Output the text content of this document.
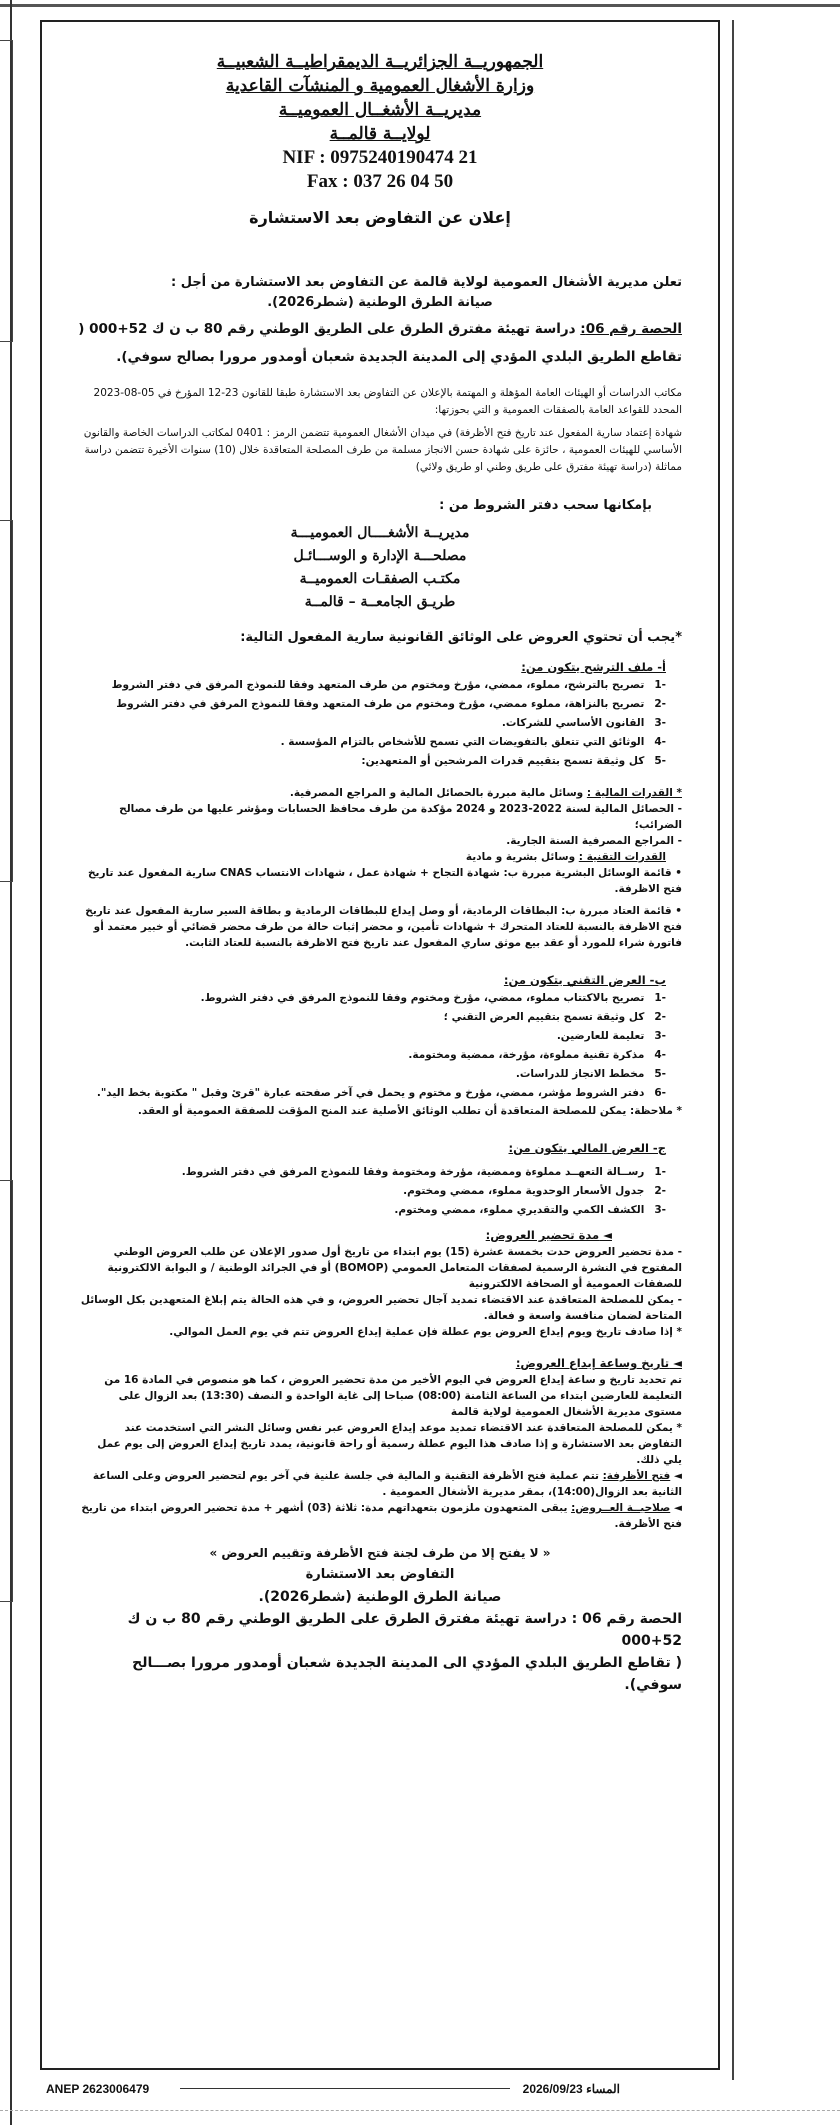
الجمهوريــة الجزائريــة الديمقراطيــة الشعبيــة
وزارة الأشغال العمومية و المنشآت القاعدية
مديريــة الأشغــال العموميــة
لولايــة قالمــة
NIF : 0975240190474 21
Fax : 037 26 04 50
إعلان عن التفاوض بعد الاستشارة

تعلن مديرية الأشغال العمومية لولاية قالمة عن التفاوض بعد الاستشارة من أجل :

صيانة الطرق الوطنية (شطر2026).

الحصة رقم 06: دراسة تهيئة مفترق الطرق على الطريق الوطني رقم 80 ب ن ك 52+000 ( تقاطع الطريق البلدي المؤدي إلى المدينة الجديدة شعبان أومدور مرورا بصالح سوفي).

مكاتب الدراسات أو الهيئات العامة المؤهلة و المهتمة بالإعلان عن التفاوض بعد الاستشارة طبقا للقانون 23-12 المؤرخ في 05-08-2023 المحدد للقواعد العامة بالصفقات العمومية و التي بحوزتها:

شهادة إعتماد سارية المفعول عند تاريخ فتح الأظرفة) في ميدان الأشغال العمومية تتضمن الرمز : 0401 لمكاتب الدراسات الخاصة والقانون الأساسي للهيئات العمومية ، حائزة على شهادة حسن الانجاز مسلمة من طرف المصلحة المتعاقدة خلال (10) سنوات الأخيرة تتضمن دراسة مماثلة (دراسة تهيئة مفترق على طريق وطني او طريق ولائي)

بإمكانها سحب دفتر الشروط من :

مديريــة الأشغــــال العموميـــة
مصلحـــة الإدارة و الوســـائـل
مكتـب الصفقـات العموميــة
طريـق الجامعــة – قالمــة

*يجب أن تحتوي العروض على الوثائق القانونية سارية المفعول التالية:

أ- ملف الترشح يتكون من:

-1 تصريح بالترشح، مملوء، ممضي، مؤرخ ومختوم من طرف المتعهد وفقا للنموذج المرفق في دفتر الشروط
-2 تصريح بالنزاهة، مملوء ممضي، مؤرخ ومختوم من طرف المتعهد وفقا للنموذج المرفق في دفتر الشروط
-3 القانون الأساسي للشركات.
-4 الوثائق التي تتعلق بالتفويضات التي تسمح للأشخاص بالتزام المؤسسة .
-5 كل وثيقة تسمح بتقييم قدرات المرشحين أو المتعهدين:

* القدرات المالية : وسائل مالية مبررة بالحصائل المالية و المراجع المصرفية.

- الحصائل المالية لسنة 2022-2023 و 2024 مؤكدة من طرف محافظ الحسابات ومؤشر عليها من طرف مصالح الضرائب؛

- المراجع المصرفية السنة الجارية.

القدرات التقنية : وسائل بشرية و مادية

• قائمة الوسائل البشرية مبررة ب: شهادة التجاح + شهادة عمل ، شهادات الانتساب CNAS سارية المفعول عند تاريخ فتح الاظرفة.

• قائمة العتاد مبررة ب: البطاقات الرمادية، أو وصل إيداع للبطاقات الرمادية و بطاقة السير سارية المفعول عند تاريخ فتح الاظرفة بالنسبة للعتاد المتحرك + شهادات تأمين، و محضر إثبات حالة من طرف محضر قضائي أو خبير معتمد أو فاتورة شراء للمورد أو عقد بيع موثق ساري المفعول عند تاريخ فتح الاظرفة بالنسبة للعتاد الثابت.

ب- العرض التقني يتكون من:

-1 تصريح بالاكتتاب مملوء، ممضي، مؤرخ ومختوم وفقا للنموذج المرفق في دفتر الشروط.
-2 كل وثيقة تسمح بتقييم العرض التقني ؛
-3 تعليمة للعارضين.
-4 مذكرة تقنية مملوءة، مؤرخة، ممضية ومختومة.
-5 مخطط الانجاز للدراسات.
-6 دفتر الشروط مؤشر، ممضي، مؤرخ و مختوم و يحمل في آخر صفحته عبارة "قرئ وقبل " مكتوبة بخط اليد".

* ملاحظة: يمكن للمصلحة المتعاقدة أن تطلب الوثائق الأصلية عند المنح المؤقت للصفقة العمومية أو العقد.

ج- العرض المالي يتكون من:

-1 رســالة التعهــد مملوءة وممضية، مؤرخة ومختومة وفقا للنموذج المرفق في دفتر الشروط.
-2 جدول الأسعار الوحدوية مملوء، ممضي ومختوم.
-3 الكشف الكمي والتقديري مملوء، ممضي ومختوم.

◄ مدة تحضير العروض:

- مدة تحضير العروض حدت بخمسة عشرة (15) يوم ابتداء من تاريخ أول صدور الإعلان عن طلب العروض الوطني المفتوح في النشرة الرسمية لصفقات المتعامل العمومي (BOMOP) أو في الجرائد الوطنية / و البوابة الالكترونية للصفقات العمومية أو الصحافة الالكترونية

- يمكن للمصلحة المتعاقدة عند الاقتضاء تمديد آجال تحضير العروض، و في هذه الحالة يتم إبلاغ المتعهدين بكل الوسائل المتاحة لضمان منافسة واسعة و فعالة.

* إذا صادف تاريخ ويوم إيداع العروض يوم عطلة فإن عملية إيداع العروض تتم في يوم العمل الموالي.

◄ تاريخ وساعة إيداع العروض:

تم تحديد تاريخ و ساعة إيداع العروض في اليوم الأخير من مدة تحضير العروض ، كما هو منصوص في المادة 16 من التعليمة للعارضين ابتداء من الساعة الثامنة (08:00) صباحا إلى غاية الواحدة و النصف (13:30) بعد الزوال على مستوى مديرية الأشغال العمومية لولاية قالمة

* يمكن للمصلحة المتعاقدة عند الاقتضاء تمديد موعد إيداع العروض عبر نفس وسائل النشر التي استخدمت عند التفاوض بعد الاستشارة و إذا صادف هذا اليوم عطلة رسمية أو راحة قانونية، يمدد تاريخ إيداع العروض إلى يوم عمل يلي ذلك.

◄ فتح الأظرفة: تتم عملية فتح الأظرفة التقنية و المالية في جلسة علنية في آخر يوم لتحضير العروض وعلى الساعة الثانية بعد الزوال(14:00)، بمقر مديرية الأشغال العمومية .

◄ صلاحيــة العــروض: يبقى المتعهدون ملزمون بتعهداتهم مدة: ثلاثة (03) أشهر + مدة تحضير العروض ابتداء من تاريخ فتح الأظرفة.

« لا يفتح إلا من طرف لجنة فتح الأظرفة وتقييم العروض »
التفاوض بعد الاستشارة
صيانة الطرق الوطنية (شطر2026).

الحصة رقم 06 : دراسة تهيئة مفترق الطرق على الطريق الوطني رقم 80 ب ن ك 52+000

( تقاطع الطريق البلدي المؤدي الى المدينة الجديدة شعبان أومدور مرورا بصـــالح سوفي).

ANEP 2623006479	2026/09/23 المساء
